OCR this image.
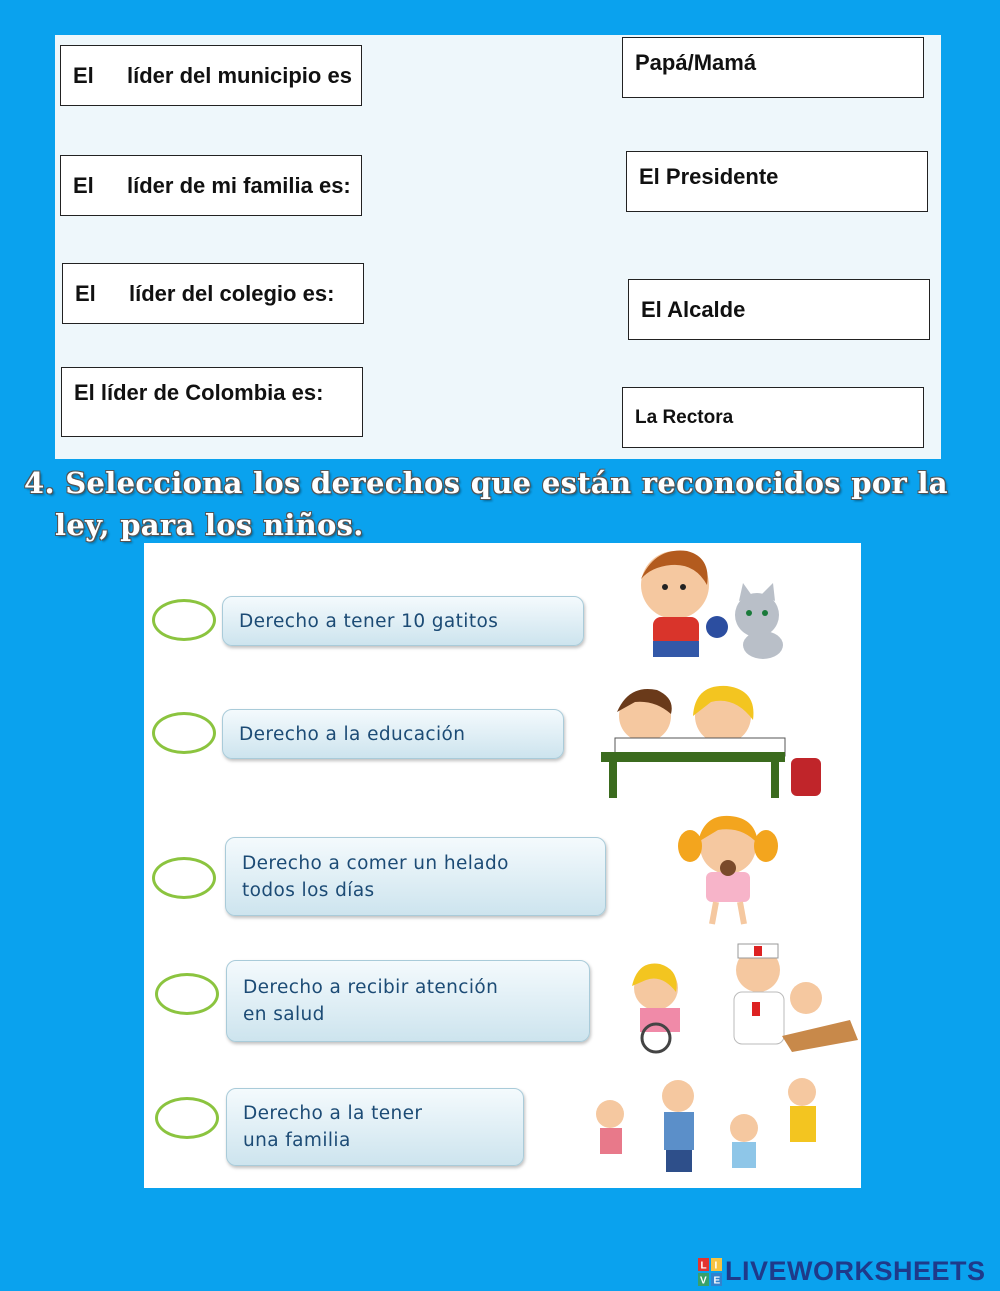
El	líder del municipio es
El	líder de mi familia es:
El	líder del colegio es:
El líder de Colombia es:
Papá/Mamá
El Presidente
El Alcalde
La Rectora
4. Selecciona los derechos que están reconocidos por la
ley, para los niños.
Derecho a tener 10 gatitos
Derecho a la educación
Derecho a comer un helado
todos los días
Derecho a recibir atención
en salud
Derecho a la tener
una familia
L I
V E LIVEWORKSHEETS
